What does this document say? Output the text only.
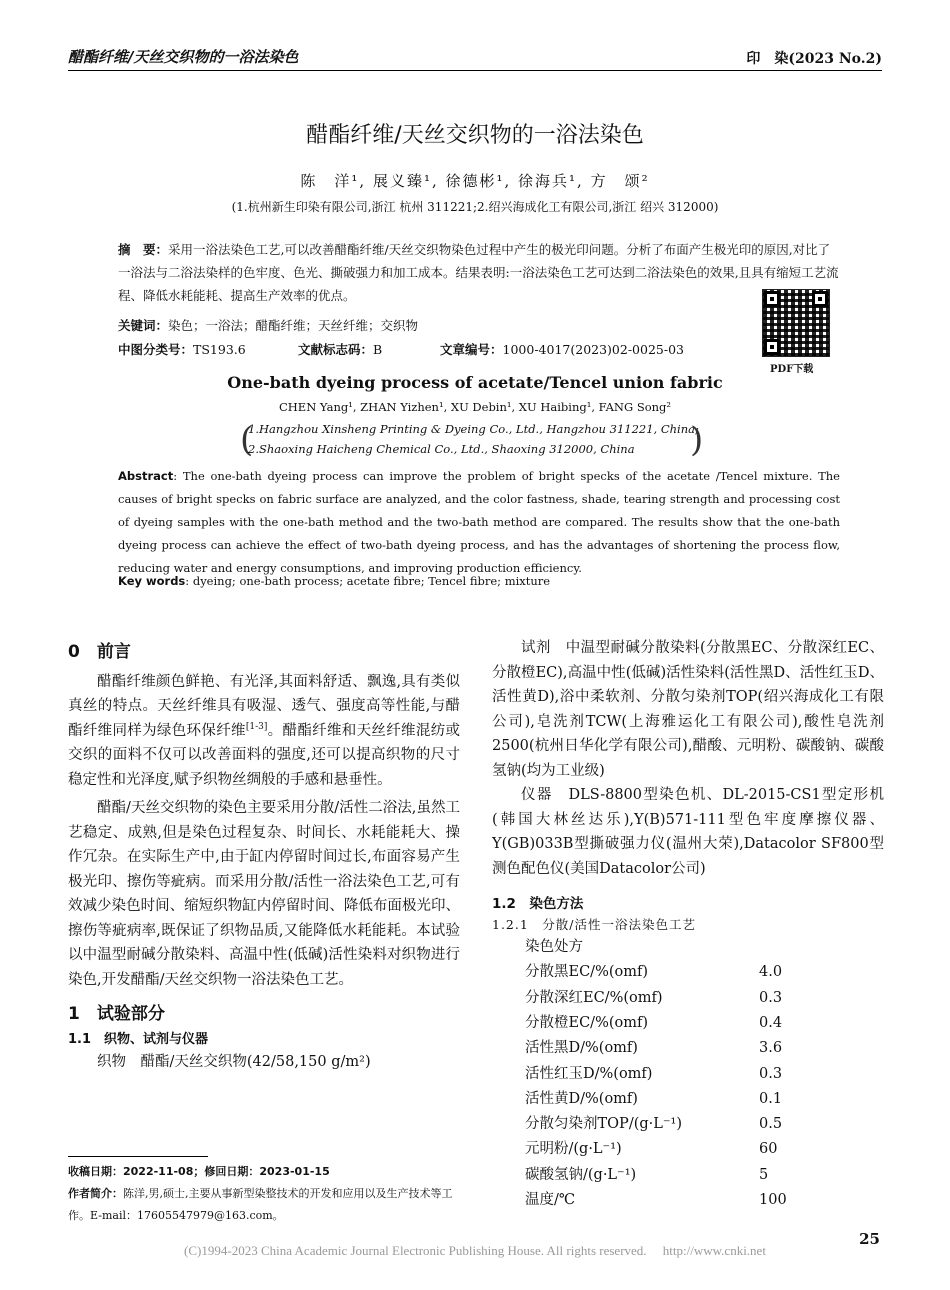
醋酯纤维/天丝交织物的一浴法染色	印　染(2023 No.2)
醋酯纤维/天丝交织物的一浴法染色
陈　洋¹, 展义臻¹, 徐德彬¹, 徐海兵¹, 方　颂²
(1.杭州新生印染有限公司,浙江 杭州 311221;2.绍兴海成化工有限公司,浙江 绍兴 312000)
摘　要：采用一浴法染色工艺,可以改善醋酯纤维/天丝交织物染色过程中产生的极光印问题。分析了布面产生极光印的原因,对比了一浴法与二浴法染样的色牢度、色光、撕破强力和加工成本。结果表明:一浴法染色工艺可达到二浴法染色的效果,且具有缩短工艺流程、降低水耗能耗、提高生产效率的优点。
关键词：染色；一浴法；醋酯纤维；天丝纤维；交织物
中图分类号：TS193.6	文献标志码：B	文章编号：1000-4017(2023)02-0025-03
PDF下载
One-bath dyeing process of acetate/Tencel union fabric
CHEN Yang¹, ZHAN Yizhen¹, XU Debin¹, XU Haibing¹, FANG Song²
(
1.Hangzhou Xinsheng Printing & Dyeing Co., Ltd., Hangzhou 311221, China;
2.Shaoxing Haicheng Chemical Co., Ltd., Shaoxing 312000, China	)
Abstract: The one-bath dyeing process can improve the problem of bright specks of the acetate /Tencel mixture. The causes of bright specks on fabric surface are analyzed, and the color fastness, shade, tearing strength and processing cost of dyeing samples with the one-bath method and the two-bath method are compared. The results show that the one-bath dyeing process can achieve the effect of two-bath dyeing process, and has the advantages of shortening the process flow, reducing water and energy consumptions, and improving production efficiency.
Key words: dyeing; one-bath process; acetate fibre; Tencel fibre; mixture
0　前言

醋酯纤维颜色鲜艳、有光泽,其面料舒适、飘逸,具有类似真丝的特点。天丝纤维具有吸湿、透气、强度高等性能,与醋酯纤维同样为绿色环保纤维[1-3]。醋酯纤维和天丝纤维混纺或交织的面料不仅可以改善面料的强度,还可以提高织物的尺寸稳定性和光泽度,赋予织物丝绸般的手感和悬垂性。

醋酯/天丝交织物的染色主要采用分散/活性二浴法,虽然工艺稳定、成熟,但是染色过程复杂、时间长、水耗能耗大、操作冗杂。在实际生产中,由于缸内停留时间过长,布面容易产生极光印、擦伤等疵病。而采用分散/活性一浴法染色工艺,可有效减少染色时间、缩短织物缸内停留时间、降低布面极光印、擦伤等疵病率,既保证了织物品质,又能降低水耗能耗。本试验以中温型耐碱分散染料、高温中性(低碱)活性染料对织物进行染色,开发醋酯/天丝交织物一浴法染色工艺。

1　试验部分
1.1　织物、试剂与仪器

织物　醋酯/天丝交织物(42/58,150 g/m²)

试剂　中温型耐碱分散染料(分散黑EC、分散深红EC、分散橙EC),高温中性(低碱)活性染料(活性黑D、活性红玉D、活性黄D),浴中柔软剂、分散匀染剂TOP(绍兴海成化工有限公司),皂洗剂TCW(上海雅运化工有限公司),酸性皂洗剂2500(杭州日华化学有限公司),醋酸、元明粉、碳酸钠、碳酸氢钠(均为工业级)

仪器　DLS-8800型染色机、DL-2015-CS1型定形机(韩国大林丝达乐),Y(B)571-111型色牢度摩擦仪器、Y(GB)033B型撕破强力仪(温州大荣),Datacolor SF800型测色配色仪(美国Datacolor公司)

1.2　染色方法
1.2.1　分散/活性一浴法染色工艺
染色处方
分散黑EC/%(omf)	4.0
分散深红EC/%(omf)	0.3
分散橙EC/%(omf)	0.4
活性黑D/%(omf)	3.6
活性红玉D/%(omf)	0.3
活性黄D/%(omf)	0.1
分散匀染剂TOP/(g·L⁻¹)	0.5
元明粉/(g·L⁻¹)	60
碳酸氢钠/(g·L⁻¹)	5
温度/℃	100
收稿日期：2022-11-08；修回日期：2023-01-15
作者简介：陈洋,男,硕士,主要从事新型染整技术的开发和应用以及生产技术等工作。E-mail：17605547979@163.com。
25
(C)1994-2023 China Academic Journal Electronic Publishing House. All rights reserved.　 http://www.cnki.net
